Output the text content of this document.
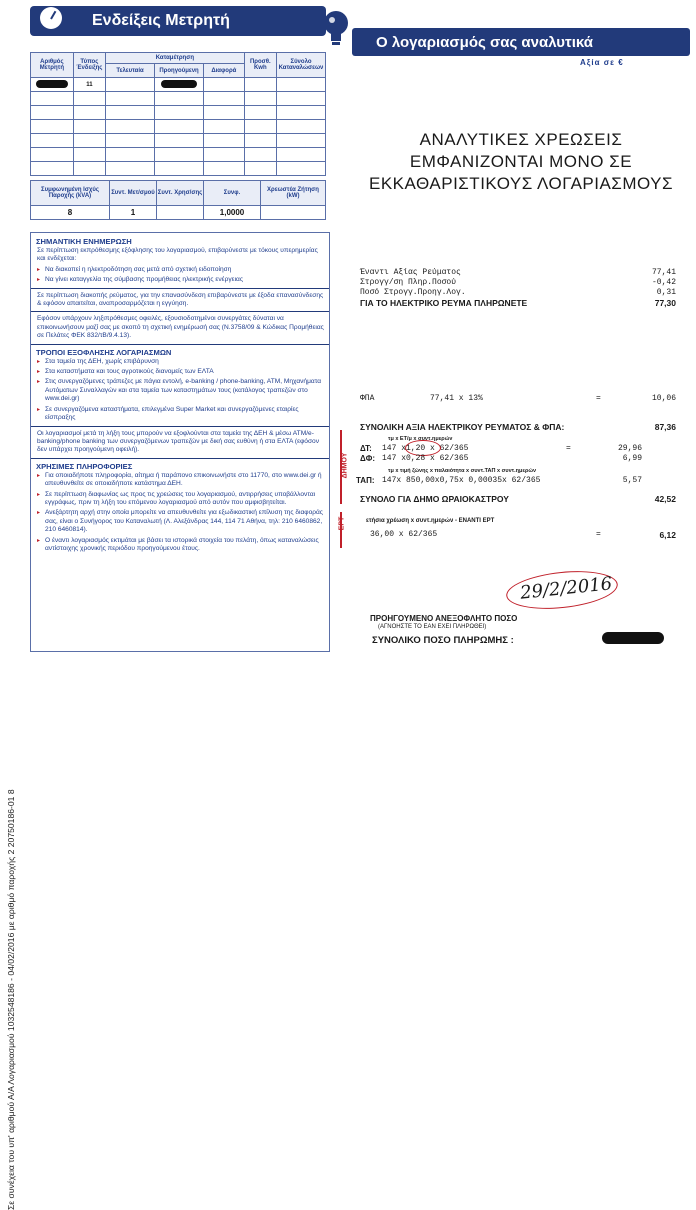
Σε συνέχεια του υπ' αριθμού Α/Α Λογαριασμού 1032548186 - 04/02/2016 με αριθμό παροχής 2 20750186-01 8
Ενδείξεις Μετρητή
Αριθμός Μετρητή	Τύπος Ένδειξης	Καταμέτρηση			Προσθ. Kwh	Σύνολο Καταναλώσεων
		Τελευταία	Προηγούμενη	Διαφορά		
	11					

Συμφωνημένη Ισχύς Παροχής (kVA)	Συντ. Μετ/σμού	Συντ. Χρησ/σης	Συνφ.	Χρεωστέα Ζήτηση (kW)
8	1		1,0000	
ΣΗΜΑΝΤΙΚΗ ΕΝΗΜΕΡΩΣΗ

Σε περίπτωση εκπρόθεσμης εξόφλησης του λογαριασμού, επιβαρύνεστε με τόκους υπερημερίας και ενδέχεται:

▸ Να διακοπεί η ηλεκτροδότηση σας μετά από σχετική ειδοποίηση

▸ Να γίνει καταγγελία της σύμβασης προμήθειας ηλεκτρικής ενέργειας

Σε περίπτωση διακοπής ρεύματος, για την επανασύνδεση επιβαρύνεστε με έξοδα επανασύνδεσης & εφόσον απαιτείται, αναπροσαρμόζεται η εγγύηση.

Εφόσον υπάρχουν ληξιπρόθεσμες οφειλές, εξουσιοδοτημένοι συνεργάτες δύναται να επικοινωνήσουν μαζί σας με σκοπό τη σχετική ενημέρωσή σας (Ν.3758/09 & Κώδικας Προμήθειας σε Πελάτες ΦΕΚ 832/τΒ/9.4.13).

ΤΡΟΠΟΙ ΕΞΟΦΛΗΣΗΣ ΛΟΓΑΡΙΑΣΜΩΝ

▸ Στα ταμεία της ΔΕΗ, χωρίς επιβάρυνση

▸ Στα καταστήματα και τους αγροτικούς διανομείς των ΕΛΤΑ

▸ Στις συνεργαζόμενες τράπεζες με πάγια εντολή, e-banking / phone-banking, ATM, Μηχανήματα Αυτόματων Συναλλαγών και στα ταμεία των καταστημάτων τους (κατάλογος τραπεζών στο www.dei.gr)

▸ Σε συνεργαζόμενα καταστήματα, επιλεγμένα Super Market και συνεργαζόμενες εταιρίες είσπραξης

Οι λογαριασμοί μετά τη λήξη τους μπορούν να εξοφλούνται στα ταμεία της ΔΕΗ & μέσω ΑΤΜ/e-banking/phone banking των συνεργαζόμενων τραπεζών με δική σας ευθύνη ή στα ΕΛΤΑ (εφόσον δεν υπάρχει προηγούμενη οφειλή).

ΧΡΗΣΙΜΕΣ ΠΛΗΡΟΦΟΡΙΕΣ

▸ Για οποιαδήποτε πληροφορία, αίτημα ή παράπονο επικοινωνήστε στο 11770, στο www.dei.gr ή απευθυνθείτε σε οποιαδήποτε κατάστημα ΔΕΗ.

▸ Σε περίπτωση διαφωνίας ως προς τις χρεώσεις του λογαριασμού, αντιρρήσεις υποβάλλονται εγγράφως, πριν τη λήξη του επόμενου λογαριασμού από αυτόν που αμφισβητείται.

▸ Ανεξάρτητη αρχή στην οποία μπορείτε να απευθυνθείτε για εξωδικαστική επίλυση της διαφοράς σας, είναι ο Συνήγορος του Καταναλωτή (Λ. Αλεξάνδρας 144, 114 71 Αθήνα, τηλ: 210 6460862, 210 6460814).

▸ Ο έναντι λογαριασμός εκτιμάται με βάσει τα ιστορικά στοιχεία του πελάτη, όπως καταναλώσεις αντίστοιχης χρονικής περιόδου προηγούμενου έτους.

Ο λογαριασμός σας αναλυτικά
Αξία σε €
ΑΝΑΛΥΤΙΚΕΣ ΧΡΕΩΣΕΙΣ
ΕΜΦΑΝΙΖΟΝΤΑΙ ΜΟΝΟ ΣΕ
ΕΚΚΑΘΑΡΙΣΤΙΚΟΥΣ ΛΟΓΑΡΙΑΣΜΟΥΣ
Έναντι Αξίας Ρεύματος	77,41
Στρογγ/ση Πληρ.Ποσού	-0,42
Ποσό Στρογγ.Προηγ.Λογ.	0,31
ΓΙΑ ΤΟ ΗΛΕΚΤΡΙΚΟ ΡΕΥΜΑ ΠΛΗΡΩΝΕΤΕ	77,30
ΦΠΑ	77,41 x 13%	=	10,06
ΣΥΝΟΛΙΚΗ ΑΞΙΑ ΗΛΕΚΤΡΙΚΟΥ ΡΕΥΜΑΤΟΣ & ΦΠΑ:	87,36
τμ x ΕΤ/μ x συντ.ημερών
ΔΤ: 147 x1,20 x 62/365	=	29,96
ΔΦ: 147 x0,28 x 62/365	6,99
τμ x τιμή ζώνης x παλαιότητα x συντ.ΤΑΠ x συντ.ημερών
ΤΑΠ: 147x 850,00x0,75x 0,00035x 62/365	5,57
ΔΗΜΟΥ
ΣΥΝΟΛΟ ΓΙΑ ΔΗΜΟ ΩΡΑΙΟΚΑΣΤΡΟΥ	42,52
ΕΡΤ	ετήσια χρέωση x συντ.ημερών - ΕΝΑΝΤΙ ΕΡΤ
36,00 x 62/365	=	6,12
29/2/2016
ΠΡΟΗΓΟΥΜΕΝΟ ΑΝΕΞΟΦΛΗΤΟ ΠΟΣΟ
(ΑΓΝΟΗΣΤΕ ΤΟ ΕΑΝ ΕΧΕΙ ΠΛΗΡΩΘΕΙ)
ΣΥΝΟΛΙΚΟ ΠΟΣΟ ΠΛΗΡΩΜΗΣ :
